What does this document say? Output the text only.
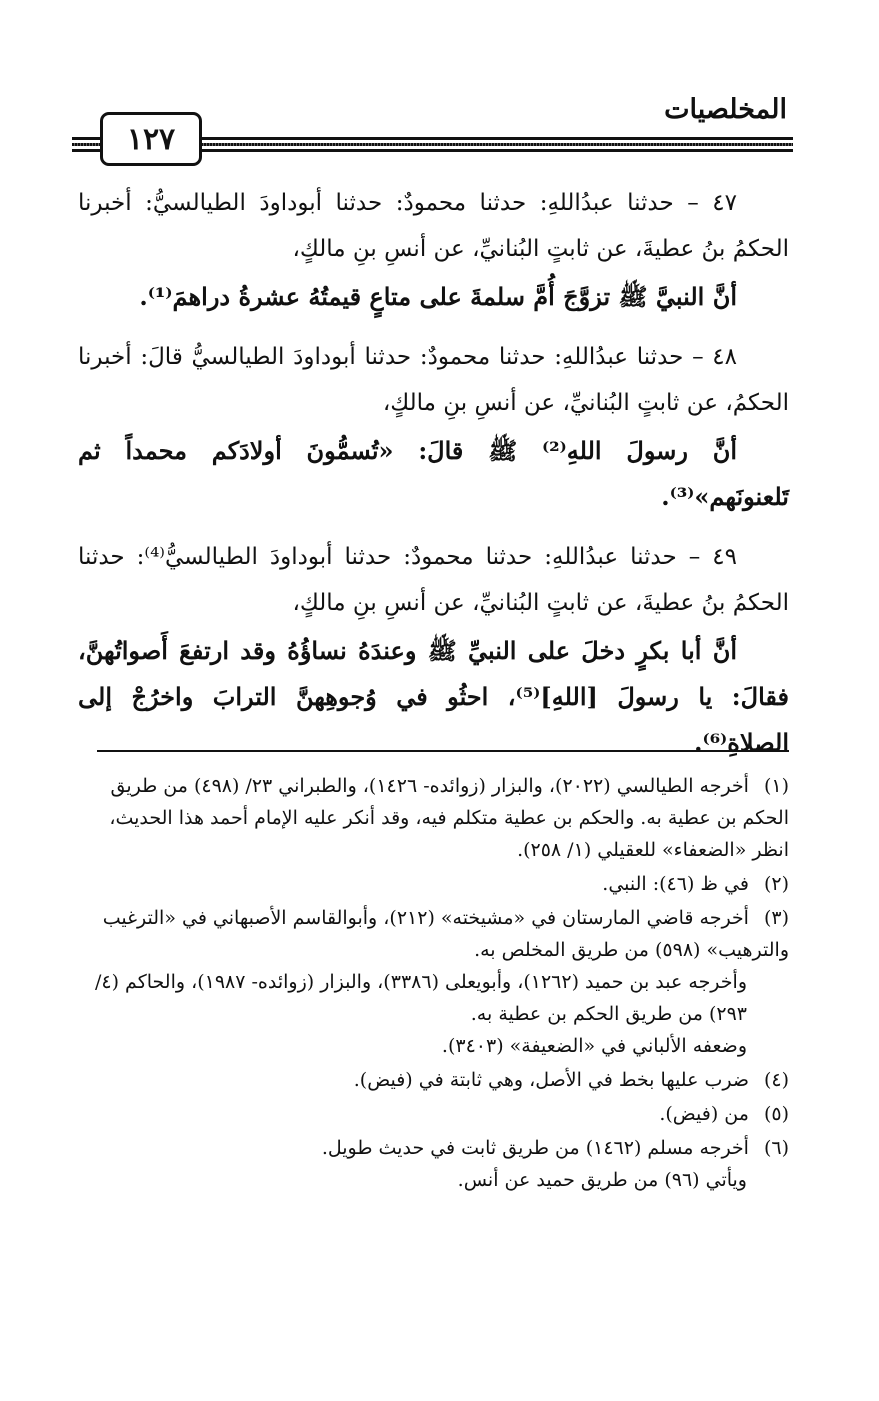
المخلصيات
١٢٧

٤٧ – حدثنا عبدُاللهِ: حدثنا محمودٌ: حدثنا أبوداودَ الطيالسيُّ: أخبرنا الحكمُ بنُ عطيةَ، عن ثابتٍ البُنانيِّ، عن أنسِ بنِ مالكٍ،
أنَّ النبيَّ ﷺ تزوَّجَ أُمَّ سلمةَ على متاعٍ قيمتُهُ عشرةُ دراهمَ⁽¹⁾.

٤٨ – حدثنا عبدُاللهِ: حدثنا محمودٌ: حدثنا أبوداودَ الطيالسيُّ قالَ: أخبرنا الحكمُ، عن ثابتٍ البُنانيِّ، عن أنسِ بنِ مالكٍ،
أنَّ رسولَ اللهِ⁽²⁾ ﷺ قالَ: «تُسمُّونَ أولادَكم محمداً ثم تَلعنونَهم»⁽³⁾.

٤٩ – حدثنا عبدُاللهِ: حدثنا محمودٌ: حدثنا أبوداودَ الطيالسيُّ⁽⁴⁾: حدثنا الحكمُ بنُ عطيةَ، عن ثابتٍ البُنانيِّ، عن أنسِ بنِ مالكٍ،
أنَّ أبا بكرٍ دخلَ على النبيِّ ﷺ وعندَهُ نساؤُهُ وقد ارتفعَ أَصواتُهنَّ، فقالَ: يا رسولَ [اللهِ]⁽⁵⁾، احثُو في وُجوهِهنَّ الترابَ واخرُجْ إلى الصلاةِ⁽⁶⁾.

(١) أخرجه الطيالسي (٢٠٢٢)، والبزار (زوائده- ١٤٢٦)، والطبراني ٢٣/ (٤٩٨) من طريق الحكم بن عطية به. والحكم بن عطية متكلم فيه، وقد أنكر عليه الإمام أحمد هذا الحديث، انظر «الضعفاء» للعقيلي (١/ ٢٥٨).
(٢) في ظ (٤٦): النبي.
(٣) أخرجه قاضي المارستان في «مشيخته» (٢١٢)، وأبوالقاسم الأصبهاني في «الترغيب والترهيب» (٥٩٨) من طريق المخلص به.
وأخرجه عبد بن حميد (١٢٦٢)، وأبويعلى (٣٣٨٦)، والبزار (زوائده- ١٩٨٧)، والحاكم (٤/ ٢٩٣) من طريق الحكم بن عطية به.
وضعفه الألباني في «الضعيفة» (٣٤٠٣).
(٤) ضرب عليها بخط في الأصل، وهي ثابتة في (فيض).
(٥) من (فيض).
(٦) أخرجه مسلم (١٤٦٢) من طريق ثابت في حديث طويل.
ويأتي (٩٦) من طريق حميد عن أنس.
